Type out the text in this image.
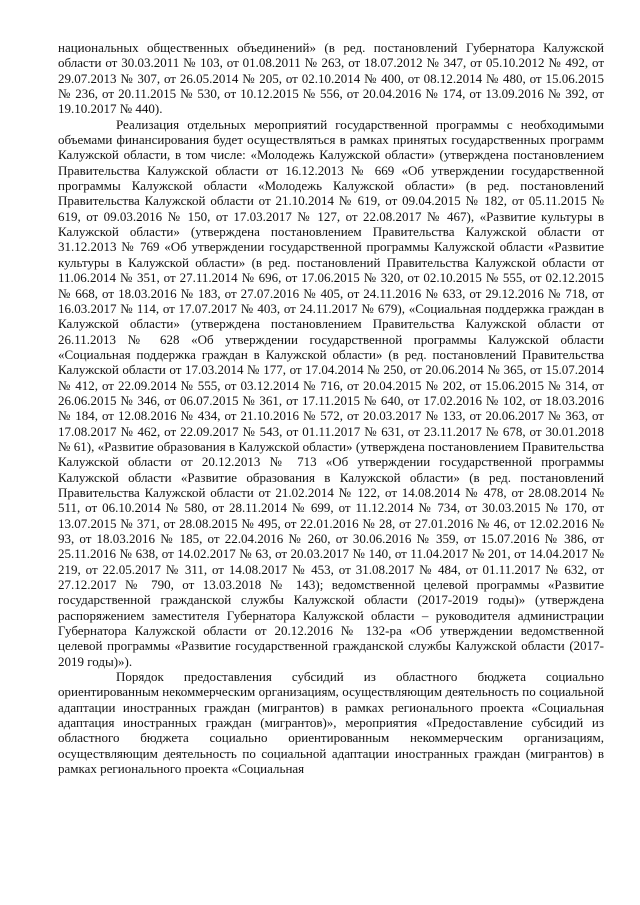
национальных общественных объединений» (в ред. постановлений Губернатора Калужской области от 30.03.2011 № 103, от 01.08.2011 № 263, от 18.07.2012 № 347, от 05.10.2012 № 492, от 29.07.2013 № 307, от 26.05.2014 № 205, от 02.10.2014 № 400, от 08.12.2014 № 480, от 15.06.2015 № 236, от 20.11.2015 № 530, от 10.12.2015 № 556, от 20.04.2016 № 174, от 13.09.2016 № 392, от 19.10.2017 № 440).

Реализация отдельных мероприятий государственной программы с необходимыми объемами финансирования будет осуществляться в рамках принятых государственных программ Калужской области, в том числе: «Молодежь Калужской области» (утверждена постановлением Правительства Калужской области от 16.12.2013 № 669 «Об утверждении государственной программы Калужской области «Молодежь Калужской области» (в ред. постановлений Правительства Калужской области от 21.10.2014 № 619, от 09.04.2015 № 182, от 05.11.2015 № 619, от 09.03.2016 № 150, от 17.03.2017 № 127, от 22.08.2017 № 467), «Развитие культуры в Калужской области» (утверждена постановлением Правительства Калужской области от 31.12.2013 № 769 «Об утверждении государственной программы Калужской области «Развитие культуры в Калужской области» (в ред. постановлений Правительства Калужской области от 11.06.2014 № 351, от 27.11.2014 № 696, от 17.06.2015 № 320, от 02.10.2015 № 555, от 02.12.2015 № 668, от 18.03.2016 № 183, от 27.07.2016 № 405, от 24.11.2016 № 633, от 29.12.2016 № 718, от 16.03.2017 № 114, от 17.07.2017 № 403, от 24.11.2017 № 679), «Социальная поддержка граждан в Калужской области» (утверждена постановлением Правительства Калужской области от 26.11.2013 № 628 «Об утверждении государственной программы Калужской области «Социальная поддержка граждан в Калужской области» (в ред. постановлений Правительства Калужской области от 17.03.2014 № 177, от 17.04.2014 № 250, от 20.06.2014 № 365, от 15.07.2014 № 412, от 22.09.2014 № 555, от 03.12.2014 № 716, от 20.04.2015 № 202, от 15.06.2015 № 314, от 26.06.2015 № 346, от 06.07.2015 № 361, от 17.11.2015 № 640, от 17.02.2016 № 102, от 18.03.2016 № 184, от 12.08.2016 № 434, от 21.10.2016 № 572, от 20.03.2017 № 133, от 20.06.2017 № 363, от 17.08.2017 № 462, от 22.09.2017 № 543, от 01.11.2017 № 631, от 23.11.2017 № 678, от 30.01.2018 № 61), «Развитие образования в Калужской области» (утверждена постановлением Правительства Калужской области от 20.12.2013 № 713 «Об утверждении государственной программы Калужской области «Развитие образования в Калужской области» (в ред. постановлений Правительства Калужской области от 21.02.2014 № 122, от 14.08.2014 № 478, от 28.08.2014 № 511, от 06.10.2014 № 580, от 28.11.2014 № 699, от 11.12.2014 № 734, от 30.03.2015 № 170, от 13.07.2015 № 371, от 28.08.2015 № 495, от 22.01.2016 № 28, от 27.01.2016 № 46, от 12.02.2016 № 93, от 18.03.2016 № 185, от 22.04.2016 № 260, от 30.06.2016 № 359, от 15.07.2016 № 386, от 25.11.2016 № 638, от 14.02.2017 № 63, от 20.03.2017 № 140, от 11.04.2017 № 201, от 14.04.2017 № 219, от 22.05.2017 № 311, от 14.08.2017 № 453, от 31.08.2017 № 484, от 01.11.2017 № 632, от 27.12.2017 № 790, от 13.03.2018 № 143); ведомственной целевой программы «Развитие государственной гражданской службы Калужской области (2017-2019 годы)» (утверждена распоряжением заместителя Губернатора Калужской области – руководителя администрации Губернатора Калужской области от 20.12.2016 № 132-ра «Об утверждении ведомственной целевой программы «Развитие государственной гражданской службы Калужской области (2017-2019 годы)»).

Порядок предоставления субсидий из областного бюджета социально ориентированным некоммерческим организациям, осуществляющим деятельность по социальной адаптации иностранных граждан (мигрантов) в рамках регионального проекта «Социальная адаптация иностранных граждан (мигрантов)», мероприятия «Предоставление субсидий из областного бюджета социально ориентированным некоммерческим организациям, осуществляющим деятельность по социальной адаптации иностранных граждан (мигрантов) в рамках регионального проекта «Социальная
